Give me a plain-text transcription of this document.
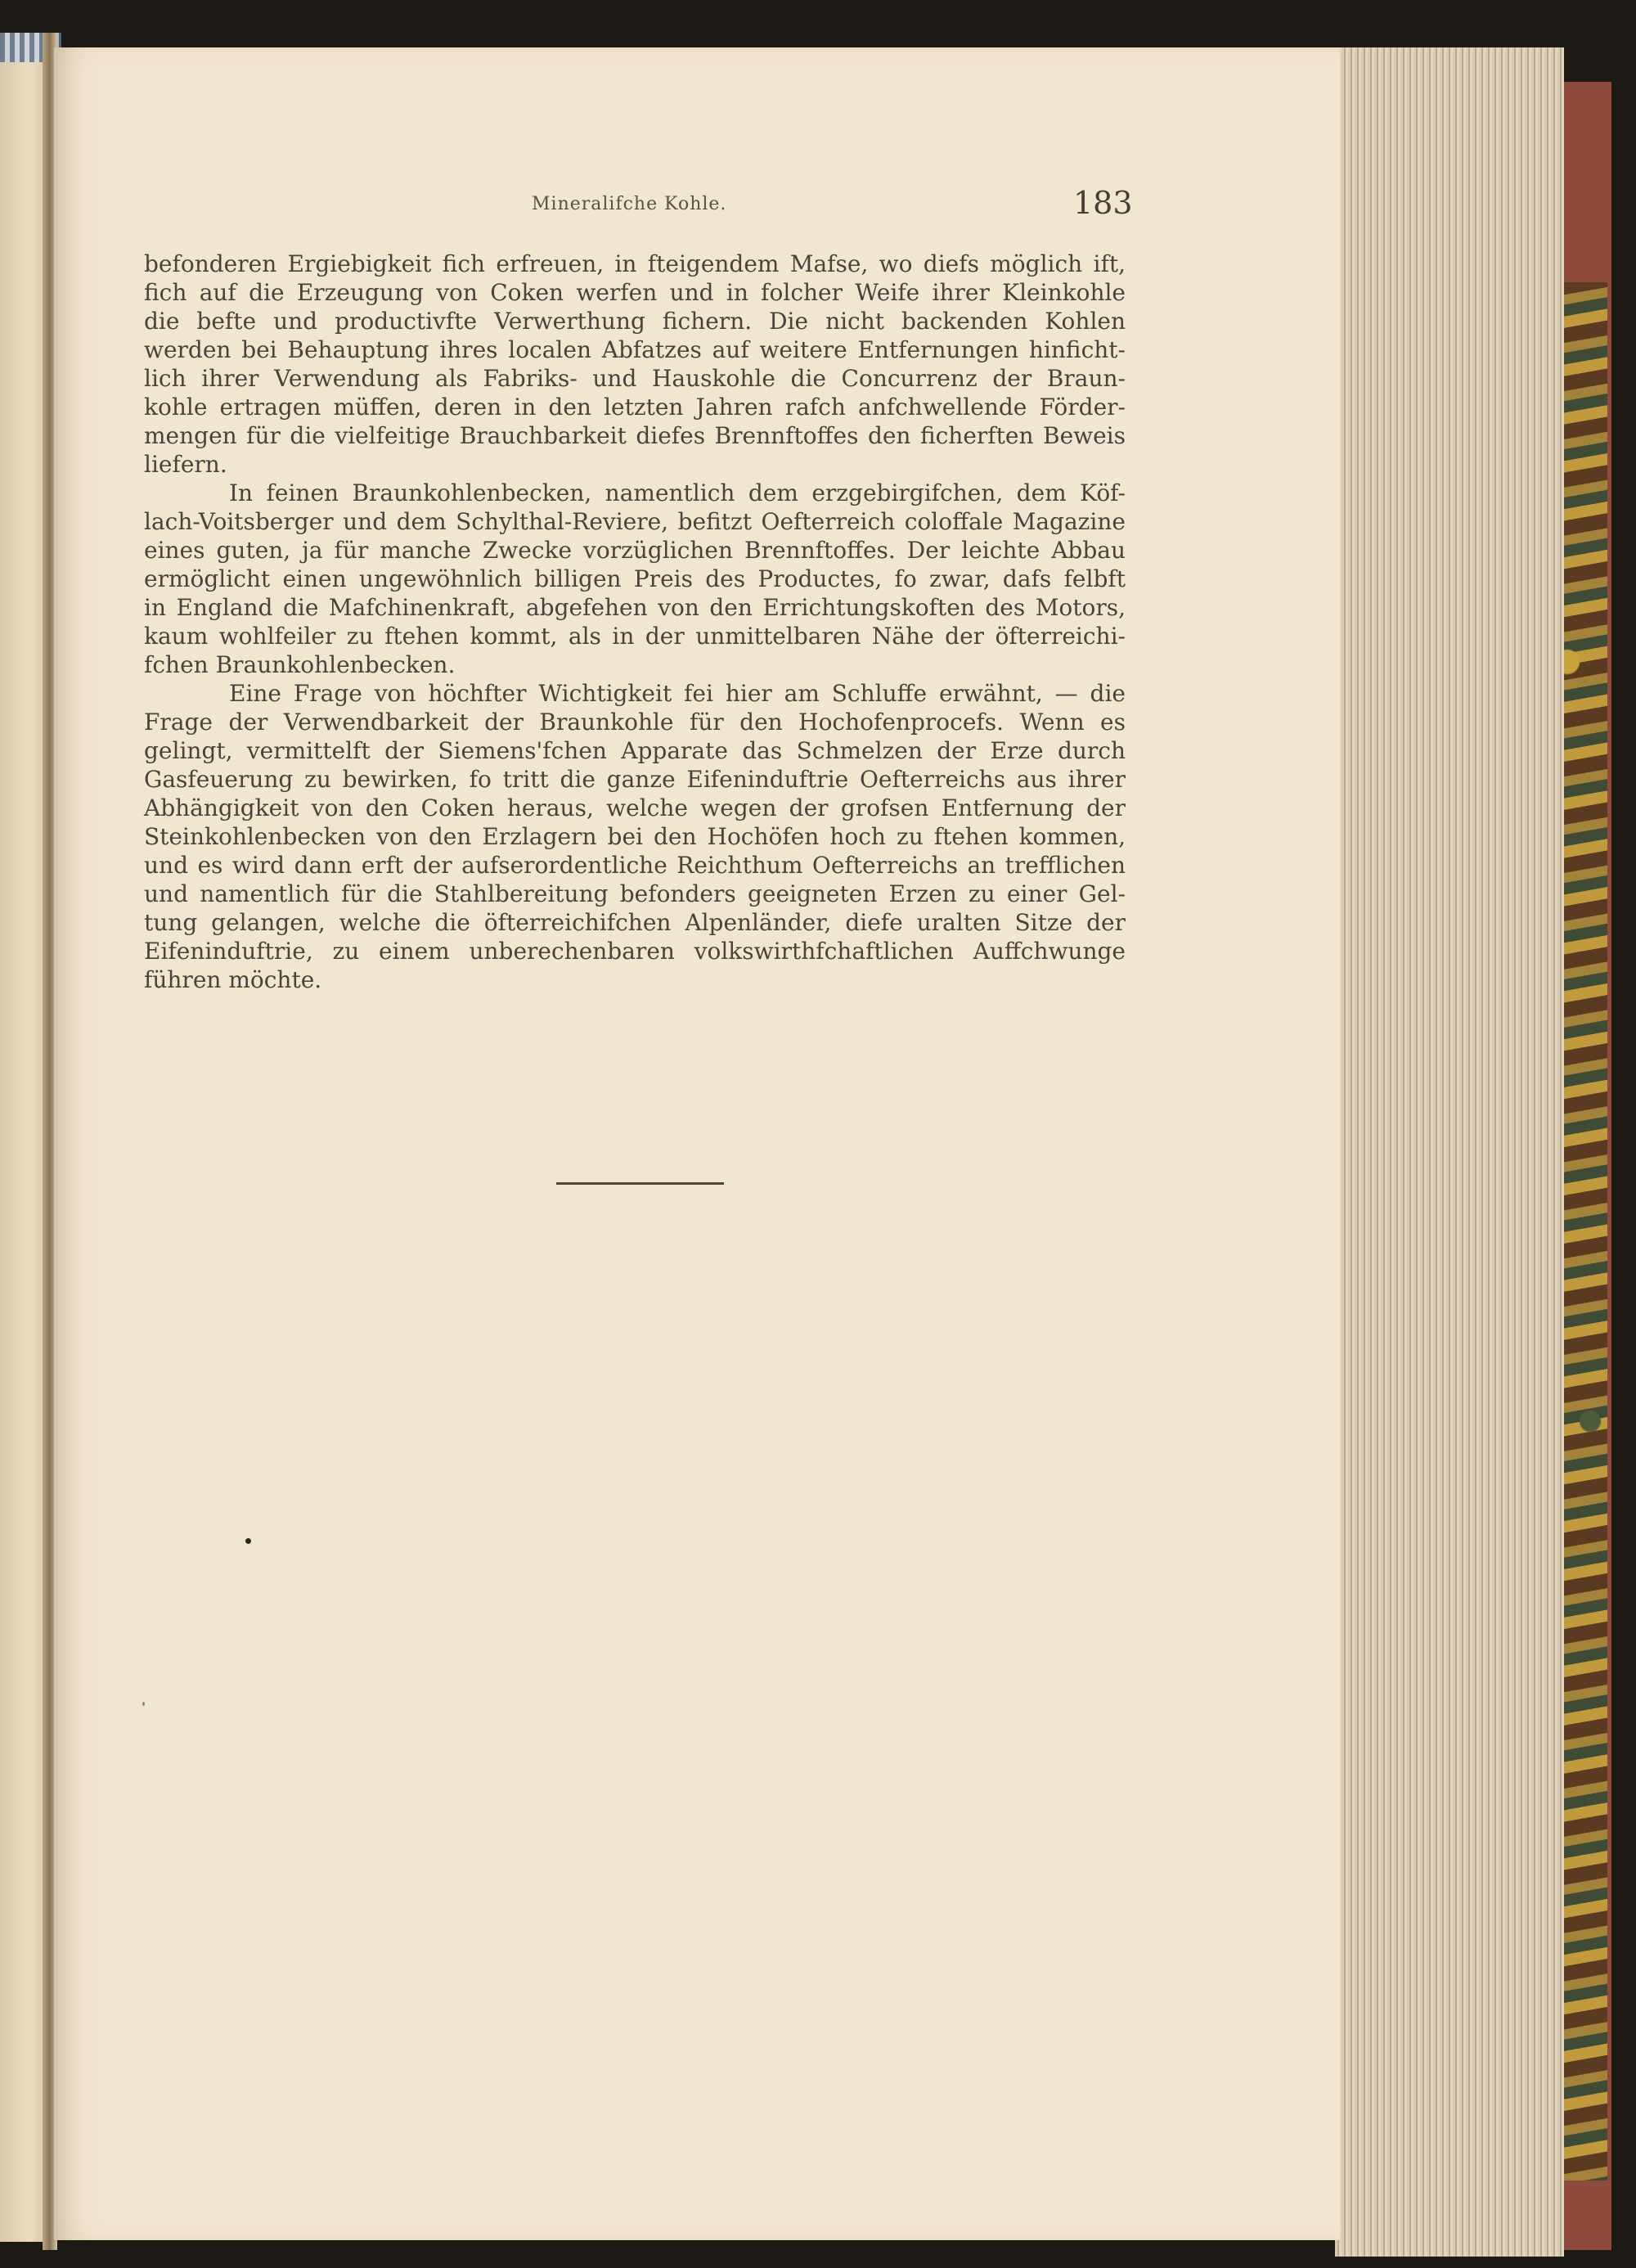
Mineralifche Kohle.	183
befonderen Ergiebigkeit fich erfreuen, in fteigendem Mafse, wo diefs möglich ift,
fich auf die Erzeugung von Coken werfen und in folcher Weife ihrer Kleinkohle
die befte und productivfte Verwerthung fichern. Die nicht backenden Kohlen
werden bei Behauptung ihres localen Abfatzes auf weitere Entfernungen hinficht-
lich ihrer Verwendung als Fabriks- und Hauskohle die Concurrenz der Braun-
kohle ertragen müffen, deren in den letzten Jahren rafch anfchwellende Förder-
mengen für die vielfeitige Brauchbarkeit diefes Brennftoffes den ficherften Beweis
liefern.
In feinen Braunkohlenbecken, namentlich dem erzgebirgifchen, dem Köf-
lach-Voitsberger und dem Schylthal-Reviere, befitzt Oefterreich coloffale Magazine
eines guten, ja für manche Zwecke vorzüglichen Brennftoffes. Der leichte Abbau
ermöglicht einen ungewöhnlich billigen Preis des Productes, fo zwar, dafs felbft
in England die Mafchinenkraft, abgefehen von den Errichtungskoften des Motors,
kaum wohlfeiler zu ftehen kommt, als in der unmittelbaren Nähe der öfterreichi-
fchen Braunkohlenbecken.
Eine Frage von höchfter Wichtigkeit fei hier am Schluffe erwähnt, — die
Frage der Verwendbarkeit der Braunkohle für den Hochofenprocefs. Wenn es
gelingt, vermittelft der Siemens'fchen Apparate das Schmelzen der Erze durch
Gasfeuerung zu bewirken, fo tritt die ganze Eifeninduftrie Oefterreichs aus ihrer
Abhängigkeit von den Coken heraus, welche wegen der grofsen Entfernung der
Steinkohlenbecken von den Erzlagern bei den Hochöfen hoch zu ftehen kommen,
und es wird dann erft der aufserordentliche Reichthum Oefterreichs an trefflichen
und namentlich für die Stahlbereitung befonders geeigneten Erzen zu einer Gel-
tung gelangen, welche die öfterreichifchen Alpenländer, diefe uralten Sitze der
Eifeninduftrie, zu einem unberechenbaren volkswirthfchaftlichen Auffchwunge
führen möchte.
